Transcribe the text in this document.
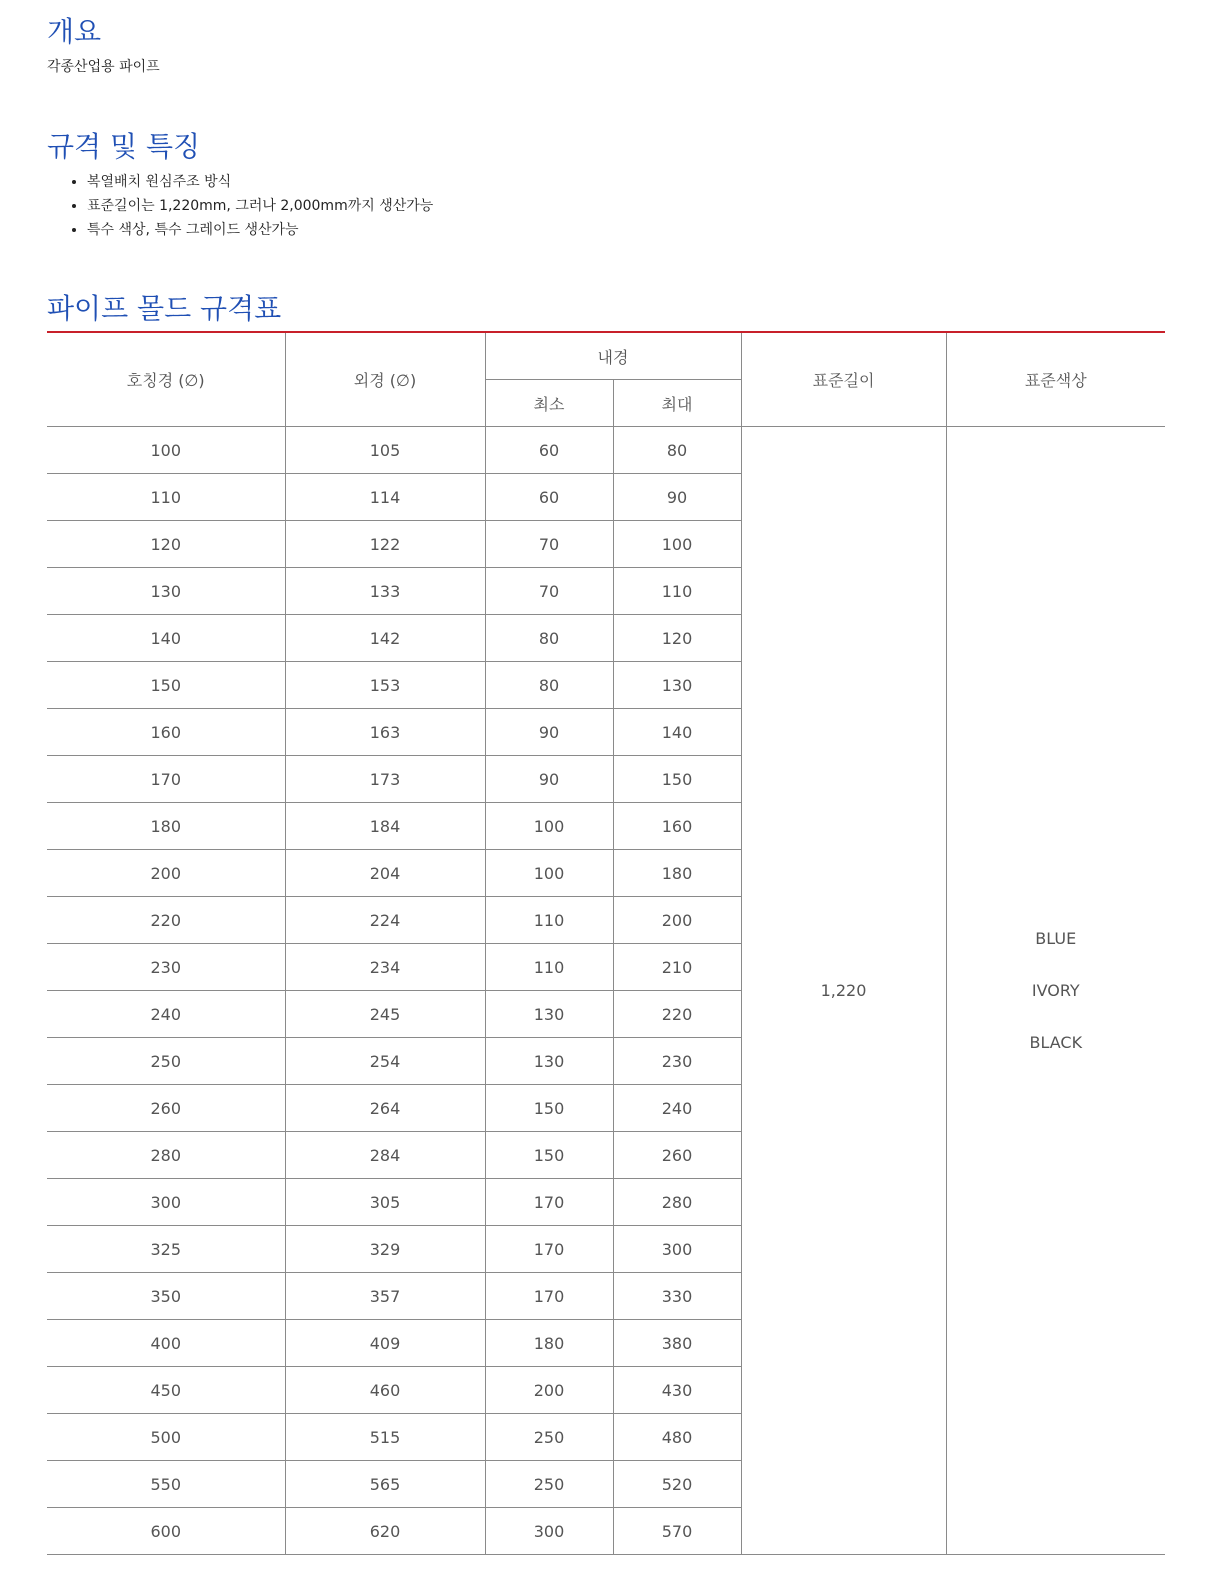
개요
각종산업용 파이프
규격 및 특징
• 복열배치 원심주조 방식
• 표준길이는 1,220mm, 그러나 2,000mm까지 생산가능
• 특수 색상, 특수 그레이드 생산가능
파이프 몰드 규격표
호칭경 (∅)	외경 (∅)	내경		표준길이	표준색상
		최소	최대		
100	105	60	80	1,220	BLUE
IVORY
BLACK

110	114	60	90		
120	122	70	100		
130	133	70	110		
140	142	80	120		
150	153	80	130		
160	163	90	140		
170	173	90	150		
180	184	100	160		
200	204	100	180		
220	224	110	200		
230	234	110	210		
240	245	130	220		
250	254	130	230		
260	264	150	240		
280	284	150	260		
300	305	170	280		
325	329	170	300		
350	357	170	330		
400	409	180	380		
450	460	200	430		
500	515	250	480		
550	565	250	520		
600	620	300	570		
